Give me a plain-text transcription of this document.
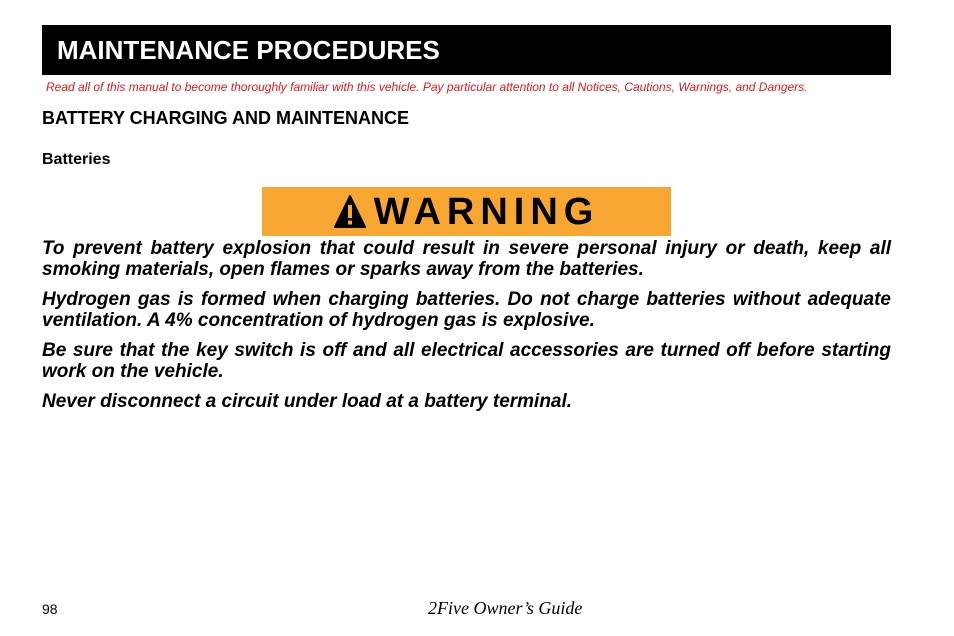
MAINTENANCE PROCEDURES
Read all of this manual to become thoroughly familiar with this vehicle. Pay particular attention to all Notices, Cautions, Warnings, and Dangers.
BATTERY CHARGING AND MAINTENANCE
Batteries
WARNING

To prevent battery explosion that could result in severe personal injury or death, keep all smoking materials, open flames or sparks away from the batteries.

Hydrogen gas is formed when charging batteries. Do not charge batteries without adequate ventilation. A 4% concentration of hydrogen gas is explosive.

Be sure that the key switch is off and all electrical accessories are turned off before starting work on the vehicle.

Never disconnect a circuit under load at a battery terminal.

98	2Five Owner’s Guide
